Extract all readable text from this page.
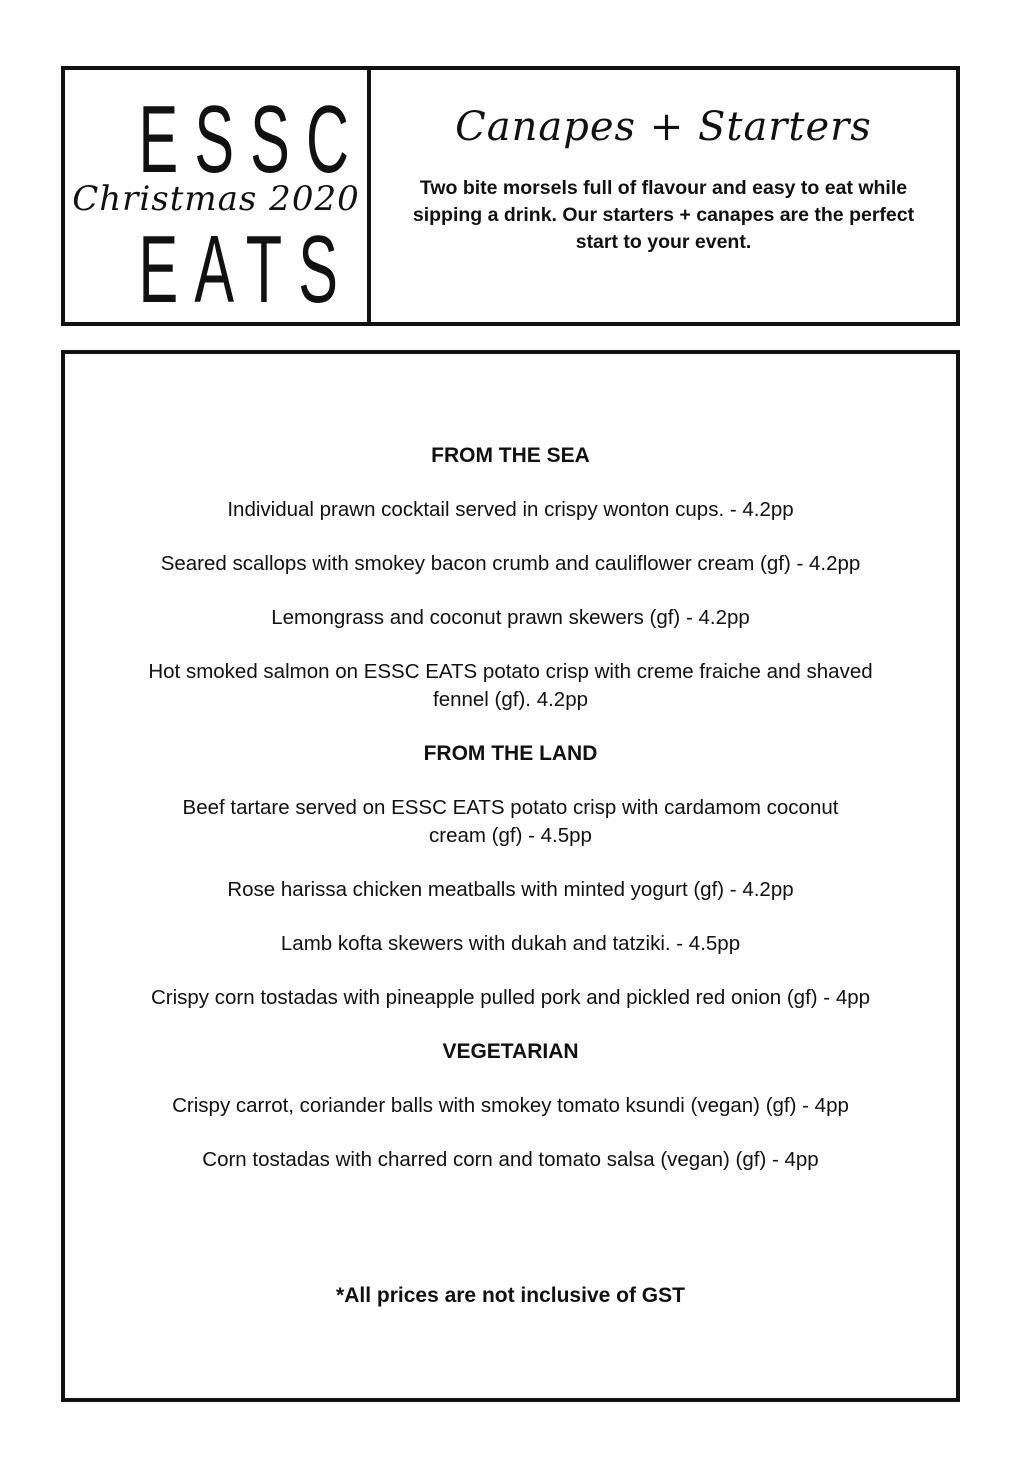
ESSC
Christmas 2020
EATS
Canapes + Starters
Two bite morsels full of flavour and easy to eat while sipping a drink. Our starters + canapes are the perfect start to your event.
FROM THE SEA
Individual prawn cocktail served in crispy wonton cups. - 4.2pp
Seared scallops with smokey bacon crumb and cauliflower cream (gf) - 4.2pp
Lemongrass and coconut prawn skewers (gf) - 4.2pp
Hot smoked salmon on ESSC EATS potato crisp with creme fraiche and shaved fennel (gf). 4.2pp
FROM THE LAND
Beef tartare served on ESSC EATS potato crisp with cardamom coconut cream (gf) - 4.5pp
Rose harissa chicken meatballs with minted yogurt (gf) - 4.2pp
Lamb kofta skewers with dukah and tatziki. - 4.5pp
Crispy corn tostadas with pineapple pulled pork and pickled red onion (gf) - 4pp
VEGETARIAN
Crispy carrot, coriander balls with smokey tomato ksundi (vegan) (gf) - 4pp
Corn tostadas with charred corn and tomato salsa (vegan) (gf) - 4pp
*All prices are not inclusive of GST
